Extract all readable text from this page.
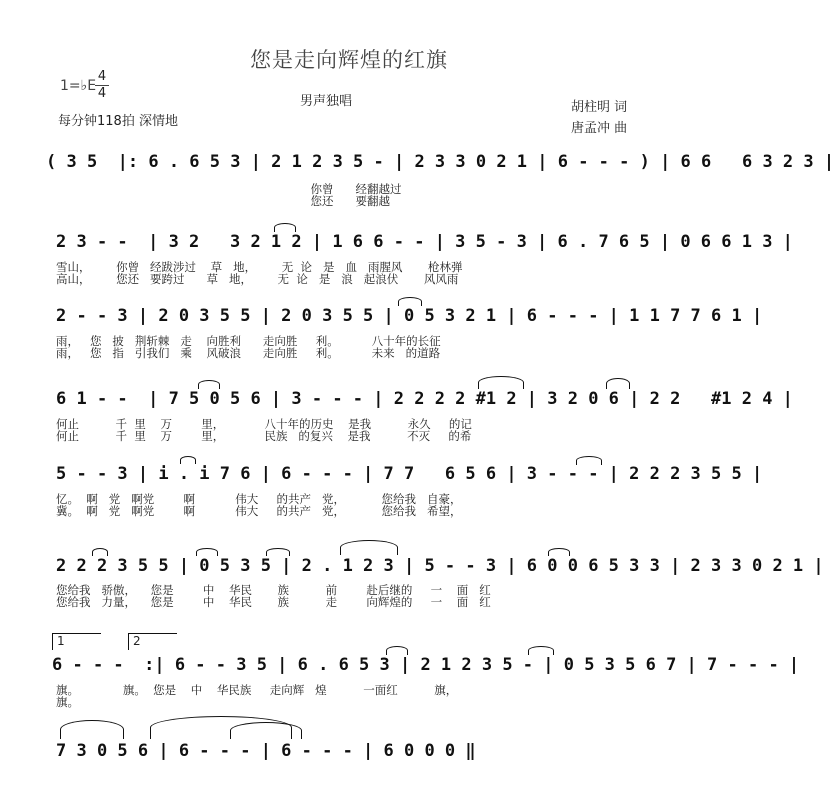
您是走向辉煌的红旗
1=♭E
4
4
每分钟118拍 深情地
男声独唱	胡柱明 词
唐孟冲 曲
( 3 5  |: 6 . 6 5 3 | 2 1 2 3 5 - | 2 3 3 0 2 1 | 6 - - - ) | 6 6   6 3 2 3 |
你曾      经翻越过
您还      要翻越
2 3 - -  | 3 2   3 2 1 2 | 1 6 6 - - | 3 5 - 3 | 6 . 7 6 5 | 0 6 6 1 3 |
雪山，       你曾   经跋涉过    草   地，       无  论   是   血   雨腥风       枪林弹
高山，       您还   要跨过      草   地，       无  论   是   浪   起浪伏       风风雨
2 - - 3 | 2 0 3 5 5 | 2 0 3 5 5 | 0 5 3 2 1 | 6 - - - | 1 1 7 7 6 1 |
雨，   您   披   荆斩棘   走    向胜利      走向胜     利。         八十年的长征
雨，   您   指   引我们   乘    风破浪      走向胜     利。         未来   的道路
6 1 - -  | 7 5 0 5 6 | 3 - - - | 2 2 2 2 #1 2 | 3 2 0 6 | 2 2   #1 2 4 |
何止          千  里    万        里，           八十年的历史    是我          永久     的记
何止          千  里    万        里，           民族   的复兴    是我          不灭     的希
5 - - 3 | i . i 7 6 | 6 - - - | 7 7   6 5 6 | 3 - - - | 2 2 2 3 5 5 |
忆。  啊   党   啊党        啊           伟大     的共产   党，          您给我   自豪，
冀。  啊   党   啊党        啊           伟大     的共产   党，          您给我   希望，
2 2 2 3 5 5 | 0 5 3 5 | 2 . 1 2 3 | 5 - - 3 | 6 0 0 6 5 3 3 | 2 3 3 0 2 1 |
您给我   骄傲，    您是        中    华民       族          前        赴后继的     一    面   红
您给我   力量，    您是        中    华民       族          走        向辉煌的     一    面   红
1	2
6 - - -  :| 6 - - 3 5 | 6 . 6 5 3 | 2 1 2 3 5 - | 0 5 3 5 6 7 | 7 - - - |
旗。            旗。  您是    中    华民族     走向辉   煌          一面红          旗，
旗。
7 3 0 5 6 | 6 - - - | 6 - - - | 6 0 0 0 ‖
